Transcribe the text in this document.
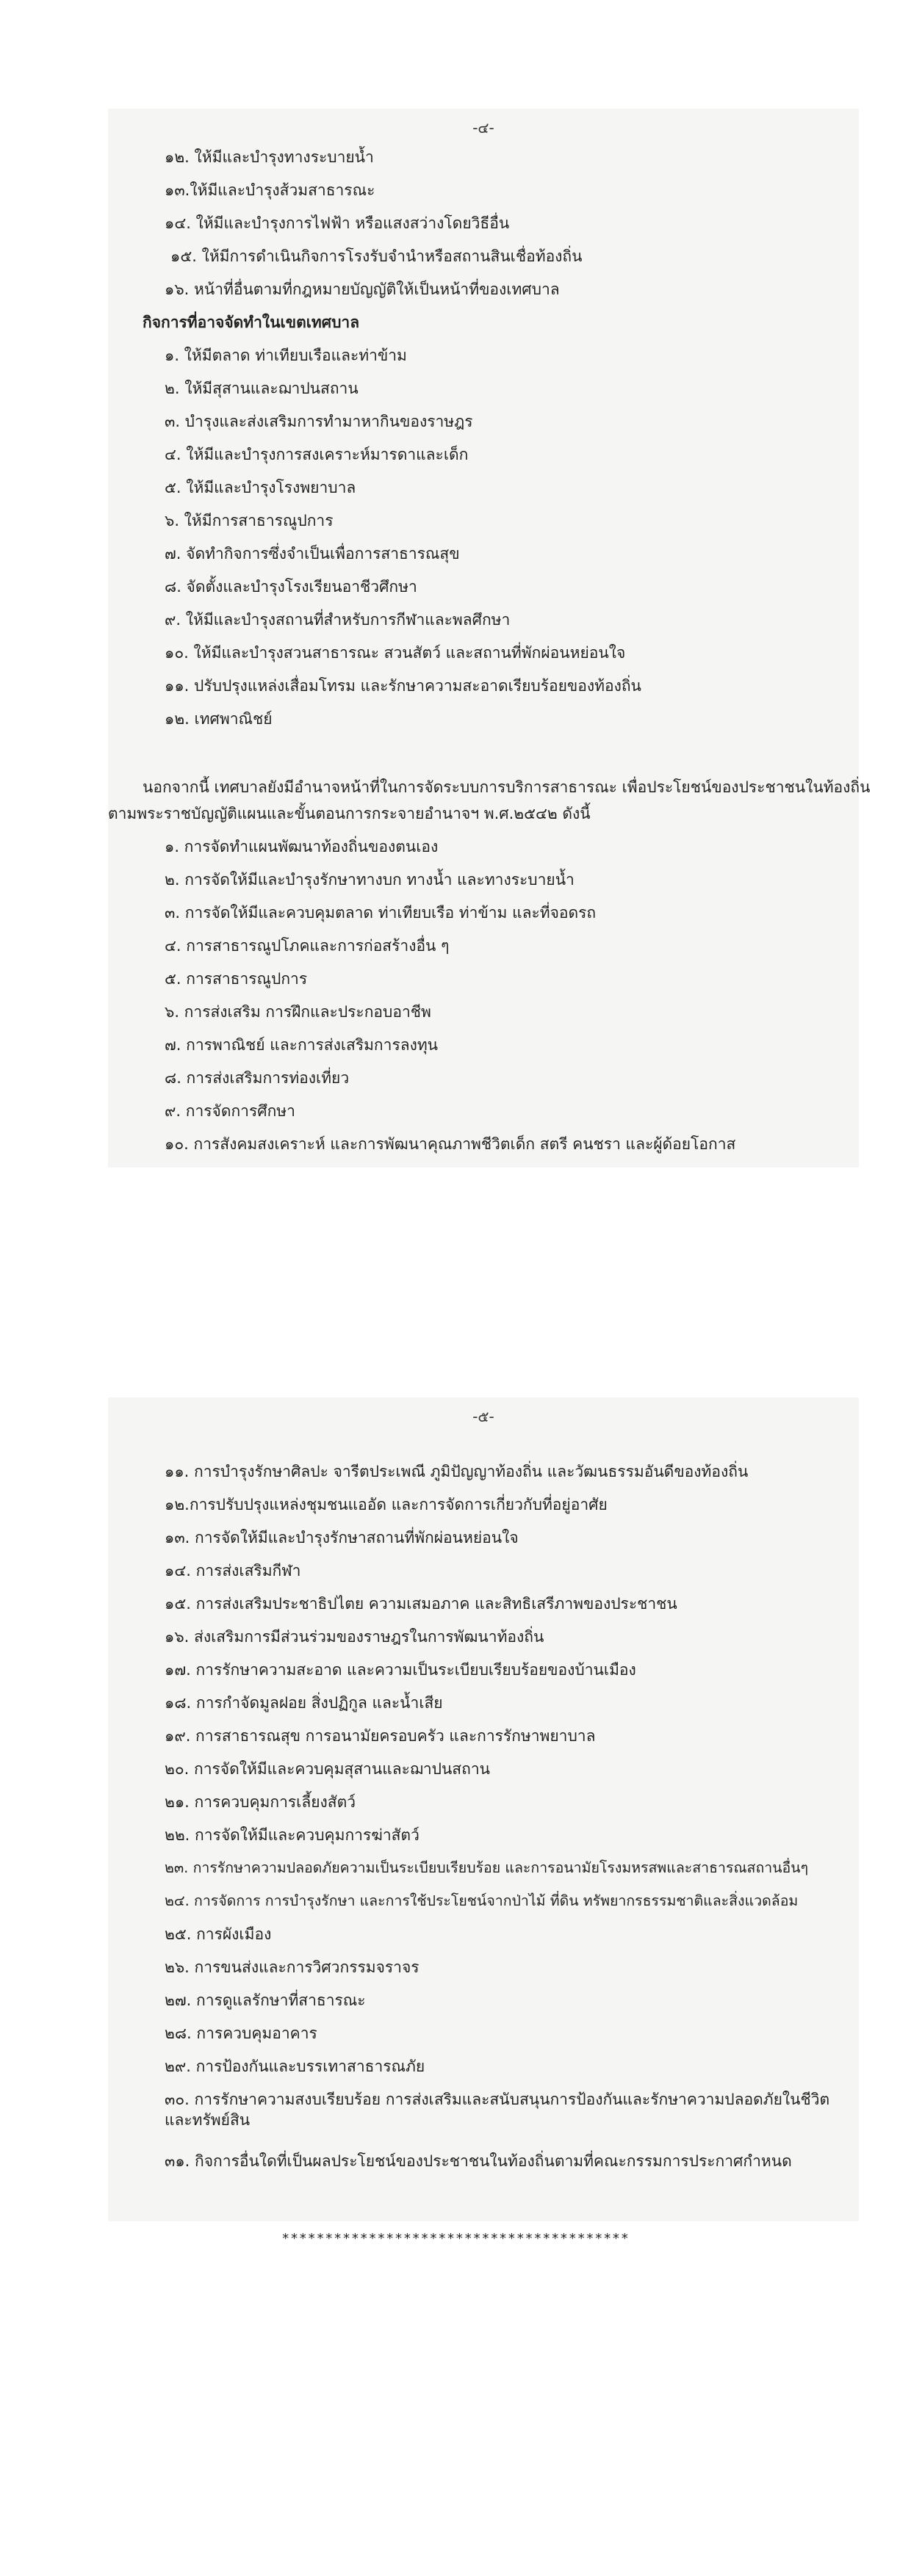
-๔-
๑๒. ให้มีและบำรุงทางระบายน้ำ
๑๓.ให้มีและบำรุงส้วมสาธารณะ
๑๔. ให้มีและบำรุงการไฟฟ้า หรือแสงสว่างโดยวิธีอื่น
๑๕. ให้มีการดำเนินกิจการโรงรับจำนำหรือสถานสินเชื่อท้องถิ่น
๑๖. หน้าที่อื่นตามที่กฎหมายบัญญัติให้เป็นหน้าที่ของเทศบาล
กิจการที่อาจจัดทำในเขตเทศบาล
๑. ให้มีตลาด ท่าเทียบเรือและท่าข้าม
๒. ให้มีสุสานและฌาปนสถาน
๓. บำรุงและส่งเสริมการทำมาหากินของราษฎร
๔. ให้มีและบำรุงการสงเคราะห์มารดาและเด็ก
๕. ให้มีและบำรุงโรงพยาบาล
๖. ให้มีการสาธารณูปการ
๗. จัดทำกิจการซึ่งจำเป็นเพื่อการสาธารณสุข
๘. จัดตั้งและบำรุงโรงเรียนอาชีวศึกษา
๙. ให้มีและบำรุงสถานที่สำหรับการกีฬาและพลศึกษา
๑๐. ให้มีและบำรุงสวนสาธารณะ สวนสัตว์ และสถานที่พักผ่อนหย่อนใจ
๑๑. ปรับปรุงแหล่งเสื่อมโทรม และรักษาความสะอาดเรียบร้อยของท้องถิ่น
๑๒. เทศพาณิชย์
นอกจากนี้ เทศบาลยังมีอำนาจหน้าที่ในการจัดระบบการบริการสาธารณะ เพื่อประโยชน์ของประชาชนในท้องถิ่น
ตามพระราชบัญญัติแผนและขั้นตอนการกระจายอำนาจฯ พ.ศ.๒๕๔๒ ดังนี้
๑. การจัดทำแผนพัฒนาท้องถิ่นของตนเอง
๒. การจัดให้มีและบำรุงรักษาทางบก ทางน้ำ และทางระบายน้ำ
๓. การจัดให้มีและควบคุมตลาด ท่าเทียบเรือ ท่าข้าม และที่จอดรถ
๔. การสาธารณูปโภคและการก่อสร้างอื่น ๆ
๕. การสาธารณูปการ
๖. การส่งเสริม การฝึกและประกอบอาชีพ
๗. การพาณิชย์ และการส่งเสริมการลงทุน
๘. การส่งเสริมการท่องเที่ยว
๙. การจัดการศึกษา
๑๐. การสังคมสงเคราะห์ และการพัฒนาคุณภาพชีวิตเด็ก สตรี คนชรา และผู้ด้อยโอกาส
-๕-
๑๑. การบำรุงรักษาศิลปะ จารีตประเพณี ภูมิปัญญาท้องถิ่น และวัฒนธรรมอันดีของท้องถิ่น
๑๒.การปรับปรุงแหล่งชุมชนแออัด และการจัดการเกี่ยวกับที่อยู่อาศัย
๑๓. การจัดให้มีและบำรุงรักษาสถานที่พักผ่อนหย่อนใจ
๑๔. การส่งเสริมกีฬา
๑๕. การส่งเสริมประชาธิปไตย ความเสมอภาค และสิทธิเสรีภาพของประชาชน
๑๖. ส่งเสริมการมีส่วนร่วมของราษฎรในการพัฒนาท้องถิ่น
๑๗. การรักษาความสะอาด และความเป็นระเบียบเรียบร้อยของบ้านเมือง
๑๘. การกำจัดมูลฝอย สิ่งปฏิกูล และน้ำเสีย
๑๙. การสาธารณสุข การอนามัยครอบครัว และการรักษาพยาบาล
๒๐. การจัดให้มีและควบคุมสุสานและฌาปนสถาน
๒๑. การควบคุมการเลี้ยงสัตว์
๒๒. การจัดให้มีและควบคุมการฆ่าสัตว์
๒๓. การรักษาความปลอดภัยความเป็นระเบียบเรียบร้อย และการอนามัยโรงมหรสพและสาธารณสถานอื่นๆ
๒๔. การจัดการ การบำรุงรักษา และการใช้ประโยชน์จากป่าไม้ ที่ดิน ทรัพยากรธรรมชาติและสิ่งแวดล้อม
๒๕. การผังเมือง
๒๖. การขนส่งและการวิศวกรรมจราจร
๒๗. การดูแลรักษาที่สาธารณะ
๒๘. การควบคุมอาคาร
๒๙. การป้องกันและบรรเทาสาธารณภัย
๓๐. การรักษาความสงบเรียบร้อย การส่งเสริมและสนับสนุนการป้องกันและรักษาความปลอดภัยในชีวิตและทรัพย์สิน
๓๑. กิจการอื่นใดที่เป็นผลประโยชน์ของประชาชนในท้องถิ่นตามที่คณะกรรมการประกาศกำหนด
****************************************
